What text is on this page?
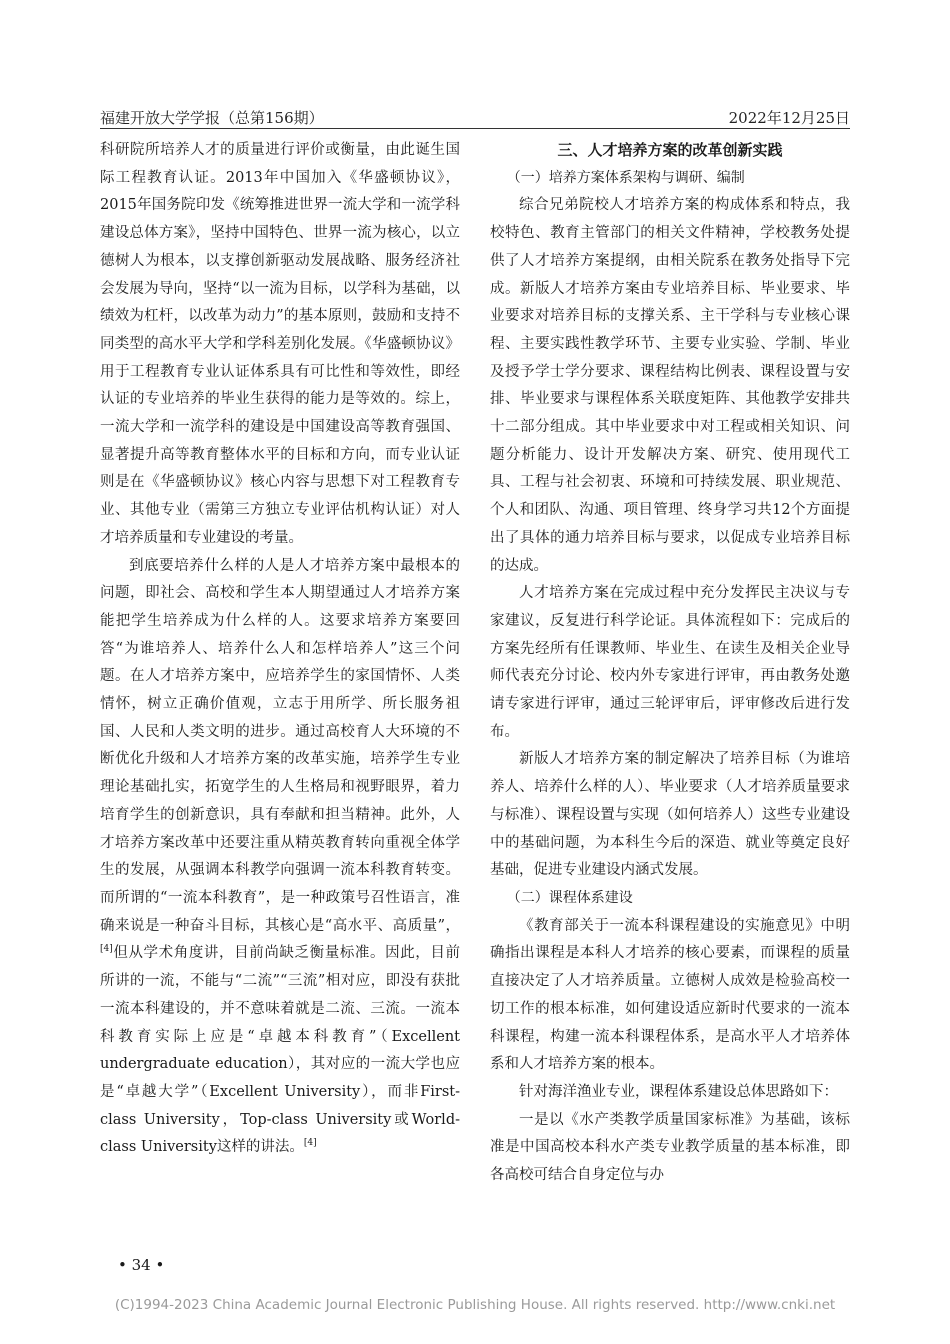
福建开放大学学报（总第156期）	2022年12月25日

科研院所培养人才的质量进行评价或衡量，由此诞生国际工程教育认证。2013年中国加入《华盛顿协议》，2015年国务院印发《统筹推进世界一流大学和一流学科建设总体方案》，坚持中国特色、世界一流为核心，以立德树人为根本，以支撑创新驱动发展战略、服务经济社会发展为导向，坚持“以一流为目标，以学科为基础，以绩效为杠杆，以改革为动力”的基本原则，鼓励和支持不同类型的高水平大学和学科差别化发展。《华盛顿协议》用于工程教育专业认证体系具有可比性和等效性，即经认证的专业培养的毕业生获得的能力是等效的。综上，一流大学和一流学科的建设是中国建设高等教育强国、显著提升高等教育整体水平的目标和方向，而专业认证则是在《华盛顿协议》核心内容与思想下对工程教育专业、其他专业（需第三方独立专业评估机构认证）对人才培养质量和专业建设的考量。

到底要培养什么样的人是人才培养方案中最根本的问题，即社会、高校和学生本人期望通过人才培养方案能把学生培养成为什么样的人。这要求培养方案要回答“为谁培养人、培养什么人和怎样培养人”这三个问题。在人才培养方案中，应培养学生的家国情怀、人类情怀，树立正确价值观，立志于用所学、所长服务祖国、人民和人类文明的进步。通过高校育人大环境的不断优化升级和人才培养方案的改革实施，培养学生专业理论基础扎实，拓宽学生的人生格局和视野眼界，着力培育学生的创新意识，具有奉献和担当精神。此外，人才培养方案改革中还要注重从精英教育转向重视全体学生的发展，从强调本科教学向强调一流本科教育转变。而所谓的“一流本科教育”，是一种政策号召性语言，准确来说是一种奋斗目标，其核心是“高水平、高质量”，[4]但从学术角度讲，目前尚缺乏衡量标准。因此，目前所讲的一流，不能与“二流”“三流”相对应，即没有获批一流本科建设的，并不意味着就是二流、三流。一流本科教育实际上应是“卓越本科教育”（Excellent undergraduate education），其对应的一流大学也应是“卓越大学”（Excellent University），而非First-class University，Top-class University或World-class University这样的讲法。[4]

三、人才培养方案的改革创新实践

（一）培养方案体系架构与调研、编制

综合兄弟院校人才培养方案的构成体系和特点，我校特色、教育主管部门的相关文件精神，学校教务处提供了人才培养方案提纲，由相关院系在教务处指导下完成。新版人才培养方案由专业培养目标、毕业要求、毕业要求对培养目标的支撑关系、主干学科与专业核心课程、主要实践性教学环节、主要专业实验、学制、毕业及授予学士学分要求、课程结构比例表、课程设置与安排、毕业要求与课程体系关联度矩阵、其他教学安排共十二部分组成。其中毕业要求中对工程或相关知识、问题分析能力、设计开发解决方案、研究、使用现代工具、工程与社会初衷、环境和可持续发展、职业规范、个人和团队、沟通、项目管理、终身学习共12个方面提出了具体的通力培养目标与要求，以促成专业培养目标的达成。

人才培养方案在完成过程中充分发挥民主决议与专家建议，反复进行科学论证。具体流程如下：完成后的方案先经所有任课教师、毕业生、在读生及相关企业导师代表充分讨论、校内外专家进行评审，再由教务处邀请专家进行评审，通过三轮评审后，评审修改后进行发布。

新版人才培养方案的制定解决了培养目标（为谁培养人、培养什么样的人）、毕业要求（人才培养质量要求与标准）、课程设置与实现（如何培养人）这些专业建设中的基础问题，为本科生今后的深造、就业等奠定良好基础，促进专业建设内涵式发展。

（二）课程体系建设

《教育部关于一流本科课程建设的实施意见》中明确指出课程是本科人才培养的核心要素，而课程的质量直接决定了人才培养质量。立德树人成效是检验高校一切工作的根本标准，如何建设适应新时代要求的一流本科课程，构建一流本科课程体系，是高水平人才培养体系和人才培养方案的根本。

针对海洋渔业专业，课程体系建设总体思路如下：

一是以《水产类教学质量国家标准》为基础，该标准是中国高校本科水产类专业教学质量的基本标准，即各高校可结合自身定位与办

• 34 •
(C)1994-2023 China Academic Journal Electronic Publishing House. All rights reserved. http://www.cnki.net
